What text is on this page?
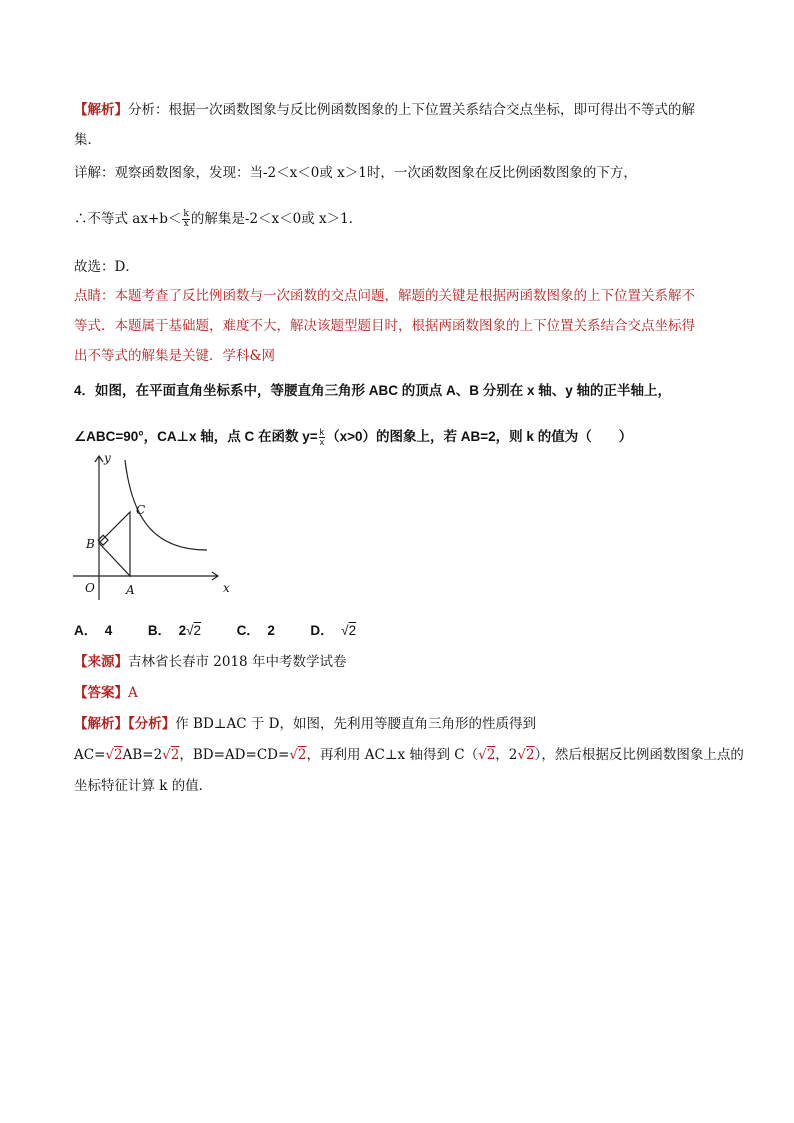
【解析】分析：根据一次函数图象与反比例函数图象的上下位置关系结合交点坐标，即可得出不等式的解
集．
详解：观察函数图象，发现：当-2＜x＜0或 x＞1时，一次函数图象在反比例函数图象的下方，
∴不等式 $ax+b< \frac{k}{x}$ 的解集是-2＜x＜0或 x＞1．
故选：D．
点睛：本题考查了反比例函数与一次函数的交点问题，解题的关键是根据两函数图象的上下位置关系解不
等式．本题属于基础题，难度不大，解决该题型题目时，根据两函数图象的上下位置关系结合交点坐标得
出不等式的解集是关键．学科&网
4．如图，在平面直角坐标系中，等腰直角三角形 ABC 的顶点 A、B 分别在 x 轴、y 轴的正半轴上，
∠ABC=90°，CA⊥x 轴，点 C 在函数 $y= \frac{k}{x} (x>0)$的图象上，若 AB=2，则 k 的值为（　　）
y
x
O	A
B
C
A． 4	B． 2√2	C． 2	D． √2
【来源】吉林省长春市 2018 年中考数学试卷
【答案】A
【解析】【分析】作 BD⊥AC 于 D，如图，先利用等腰直角三角形的性质得到
AC=√2AB=2√2，BD=AD=CD=√2，再利用 AC⊥x 轴得到 C（√2，2√2），然后根据反比例函数图象上点的
坐标特征计算 k 的值．
